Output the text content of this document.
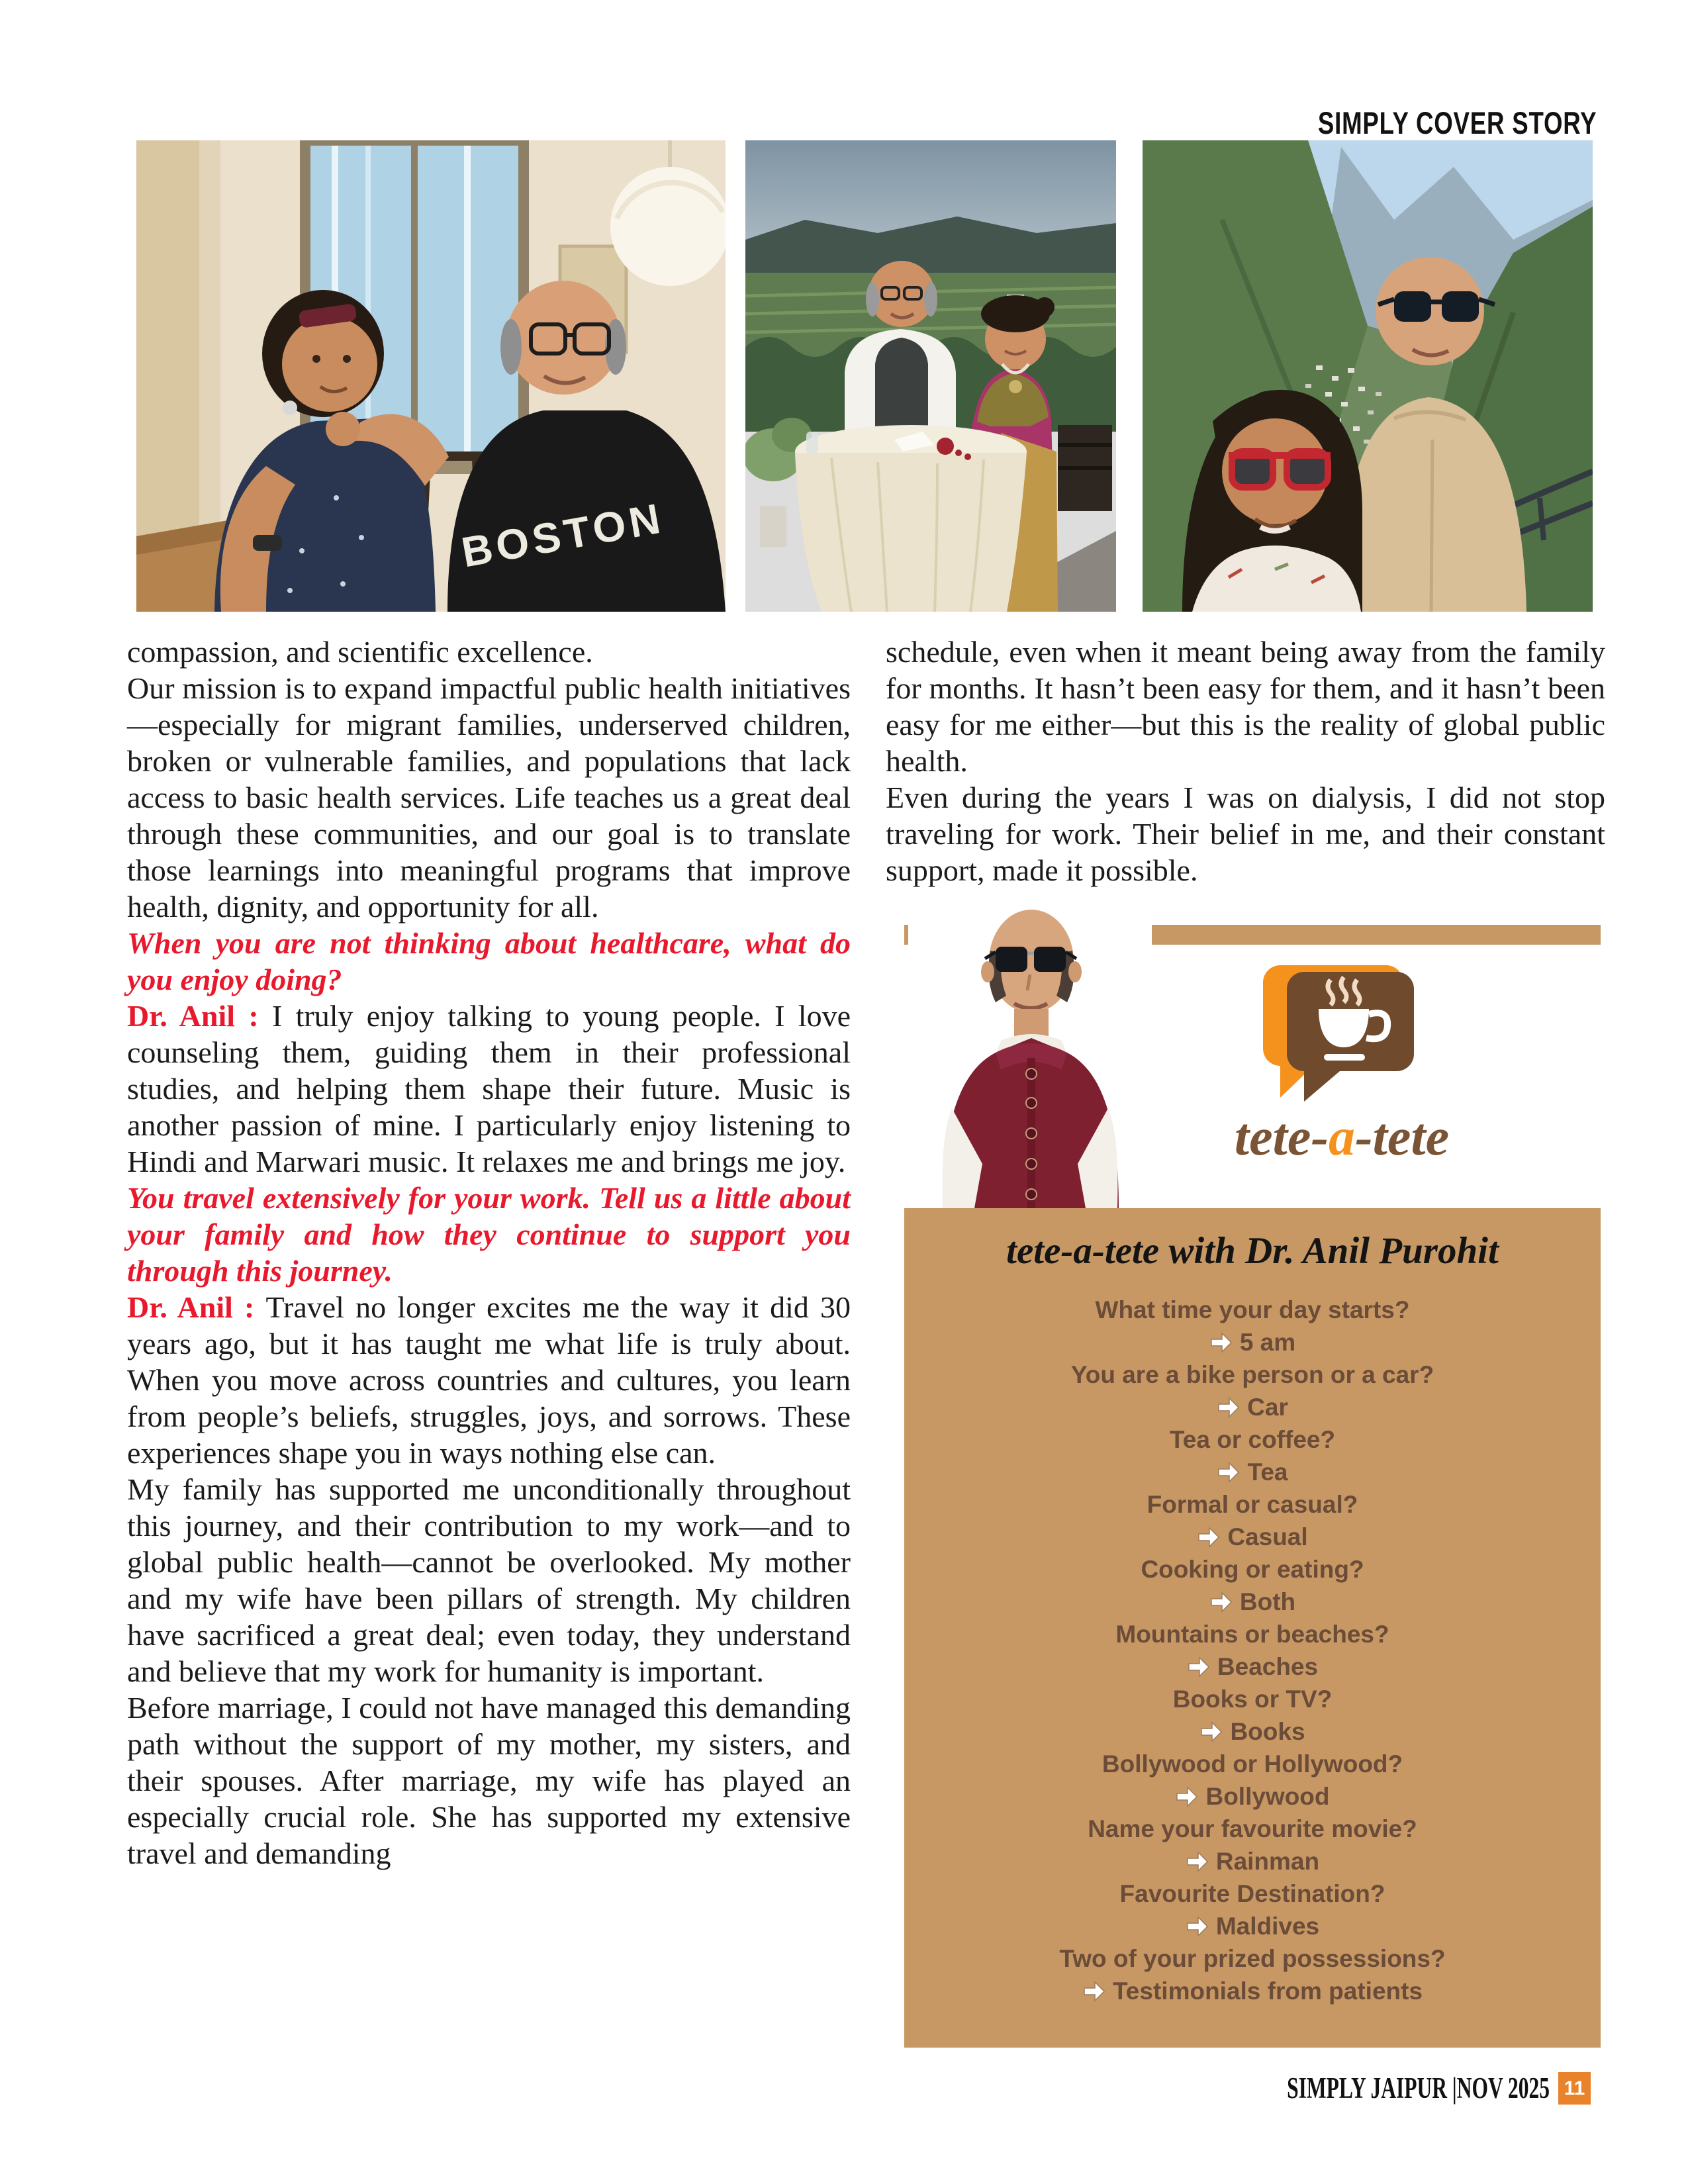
SIMPLY COVER STORY
BOSTON

compassion, and scientific excellence.

Our mission is to expand impactful public health initiatives—especially for migrant families, underserved children, broken or vulnerable families, and populations that lack access to basic health services. Life teaches us a great deal through these communities, and our goal is to translate those learnings into meaningful programs that improve health, dignity, and opportunity for all.

When you are not thinking about healthcare, what do you enjoy doing?

Dr. Anil : I truly enjoy talking to young people. I love counseling them, guiding them in their professional studies, and helping them shape their future. Music is another passion of mine. I particularly enjoy listening to Hindi and Marwari music. It relaxes me and brings me joy.

You travel extensively for your work. Tell us a little about your family and how they continue to support you through this journey.

Dr. Anil : Travel no longer excites me the way it did 30 years ago, but it has taught me what life is truly about. When you move across countries and cultures, you learn from people’s beliefs, struggles, joys, and sorrows. These experiences shape you in ways nothing else can.

My family has supported me unconditionally throughout this journey, and their contribution to my work—and to global public health—cannot be overlooked. My mother and my wife have been pillars of strength. My children have sacrificed a great deal; even today, they understand and believe that my work for humanity is important.

Before marriage, I could not have managed this demanding path without the support of my mother, my sisters, and their spouses. After marriage, my wife has played an especially crucial role. She has supported my extensive travel and demanding

schedule, even when it meant being away from the family for months. It hasn’t been easy for them, and it hasn’t been easy for me either—but this is the reality of global public health.

Even during the years I was on dialysis, I did not stop traveling for work. Their belief in me, and their constant support, made it possible.

tete-a-tete
tete-a-tete with Dr. Anil Purohit
What time your day starts?
5 am
You are a bike person or a car?
Car
Tea or coffee?
Tea
Formal or casual?
Casual
Cooking or eating?
Both
Mountains or beaches?
Beaches
Books or TV?
Books
Bollywood or Hollywood?
Bollywood
Name your favourite movie?
Rainman
Favourite Destination?
Maldives
Two of your prized possessions?
Testimonials from patients
SIMPLY JAIPUR |NOV 2025 11
